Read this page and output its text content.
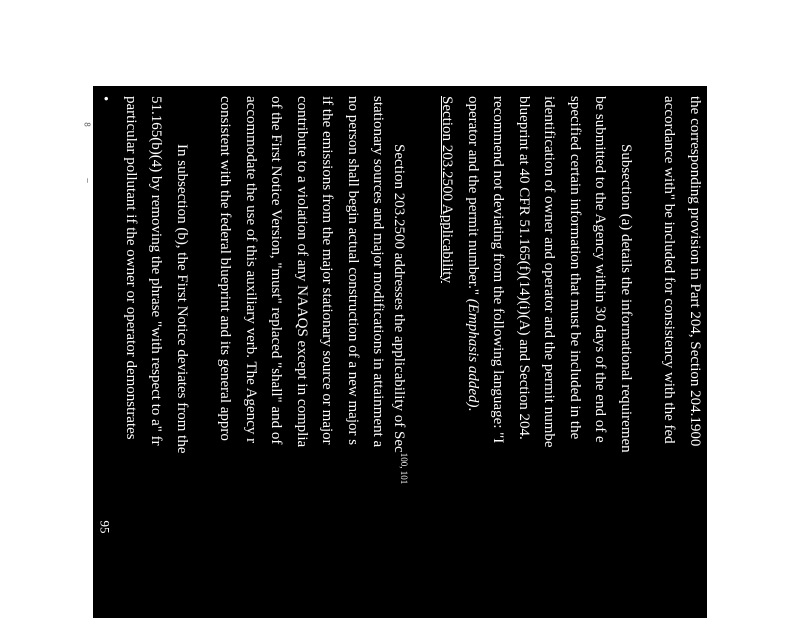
8
–	the corresponding provision in Part 204, Section 204.1900
accordance with" be included for consistency with the fed
Subsection (a) details the informational requiremen
be submitted to the Agency within 30 days of the end of e
specified certain information that must be included in the
identification of owner and operator and the permit numbe
blueprint at 40 CFR 51.165(f)(14)(i)(A) and Section 204.
recommend not deviating from the following language: "I
operator and the permit number." (Emphasis added).
Section 203.2500 Applicability
Section 203.2500 addresses the applicability of Sec$^{100, 101}$
stationary sources and major modifications in attainment a
no person shall begin actual construction of a new major s
if the emissions from the major stationary source or major
contribute to a violation of any NAAQS except in complia
of the First Notice Version, "must" replaced "shall" and of
accommodate the use of this auxiliary verb. The Agency r
consistent with the federal blueprint and its general appro
In subsection (b), the First Notice deviates from the
51.165(b)(4) by removing the phrase "with respect to a" fr
particular pollutant if the owner or operator demonstrates
•
95
